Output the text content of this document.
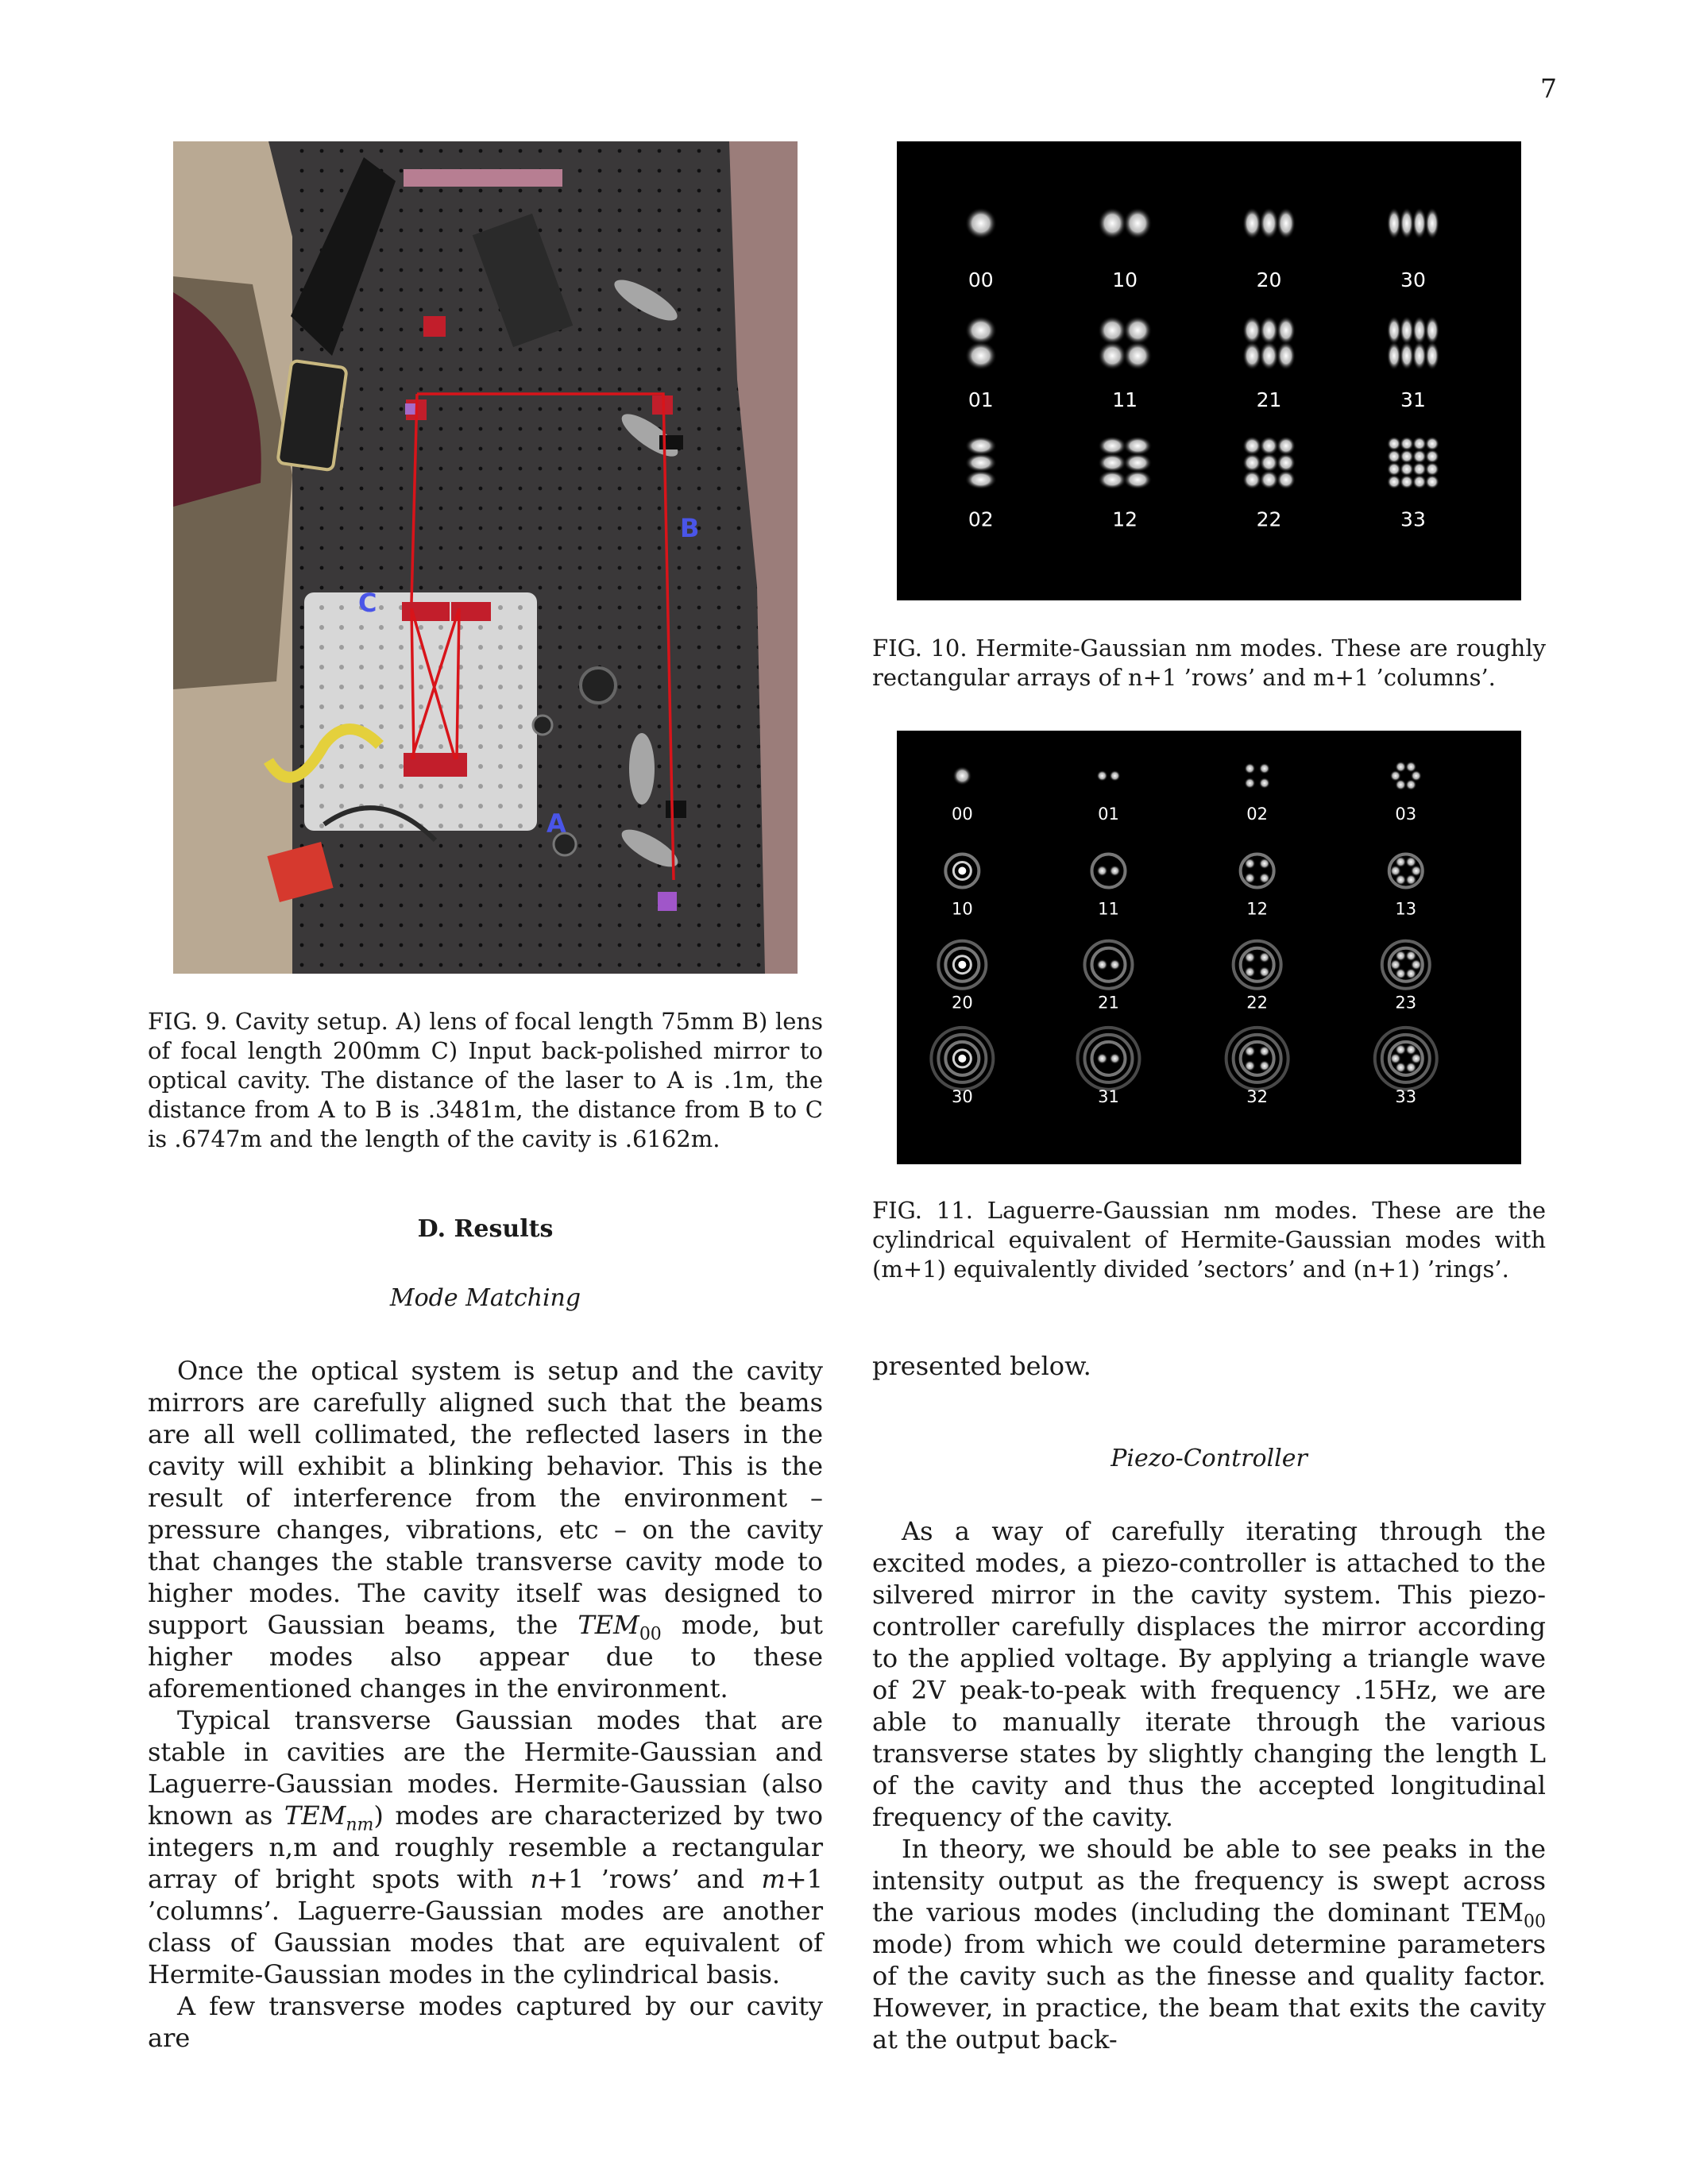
7
A
B
C
FIG. 9. Cavity setup. A) lens of focal length 75mm B) lens of focal length 200mm C) Input back-polished mirror to optical cavity. The distance of the laser to A is .1m, the distance from A to B is .3481m, the distance from B to C is .6747m and the length of the cavity is .6162m.
00	10	20	30
01	11	21	31
02	12	22	33
FIG. 10. Hermite-Gaussian nm modes. These are roughly rectangular arrays of n+1 ’rows’ and m+1 ’columns’.
00	01	02	03
10	11	12	13
20	21	22	23
30	31	32	33
FIG. 11. Laguerre-Gaussian nm modes. These are the cylindrical equivalent of Hermite-Gaussian modes with (m+1) equivalently divided ’sectors’ and (n+1) ’rings’.
D. Results
Mode Matching

Once the optical system is setup and the cavity mirrors are carefully aligned such that the beams are all well collimated, the reflected lasers in the cavity will exhibit a blinking behavior. This is the result of interference from the environment – pressure changes, vibrations, etc – on the cavity that changes the stable transverse cavity mode to higher modes. The cavity itself was designed to support Gaussian beams, the $TEM_{00}$ mode, but higher modes also appear due to these aforementioned changes in the environment.

Typical transverse Gaussian modes that are stable in cavities are the Hermite-Gaussian and Laguerre-Gaussian modes. Hermite-Gaussian (also known as $TEM_{nm}$) modes are characterized by two integers n,m and roughly resemble a rectangular array of bright spots with n+1 ’rows’ and m+1 ’columns’. Laguerre-Gaussian modes are another class of Gaussian modes that are equivalent of Hermite-Gaussian modes in the cylindrical basis.

A few transverse modes captured by our cavity are

presented below.

Piezo-Controller

As a way of carefully iterating through the excited modes, a piezo-controller is attached to the silvered mirror in the cavity system. This piezo-controller carefully displaces the mirror according to the applied voltage. By applying a triangle wave of 2V peak-to-peak with frequency .15Hz, we are able to manually iterate through the various transverse states by slightly changing the length L of the cavity and thus the accepted longitudinal frequency of the cavity.

In theory, we should be able to see peaks in the intensity output as the frequency is swept across the various modes (including the dominant $TEM_{00}$ mode) from which we could determine parameters of the cavity such as the finesse and quality factor. However, in practice, the beam that exits the cavity at the output back-
